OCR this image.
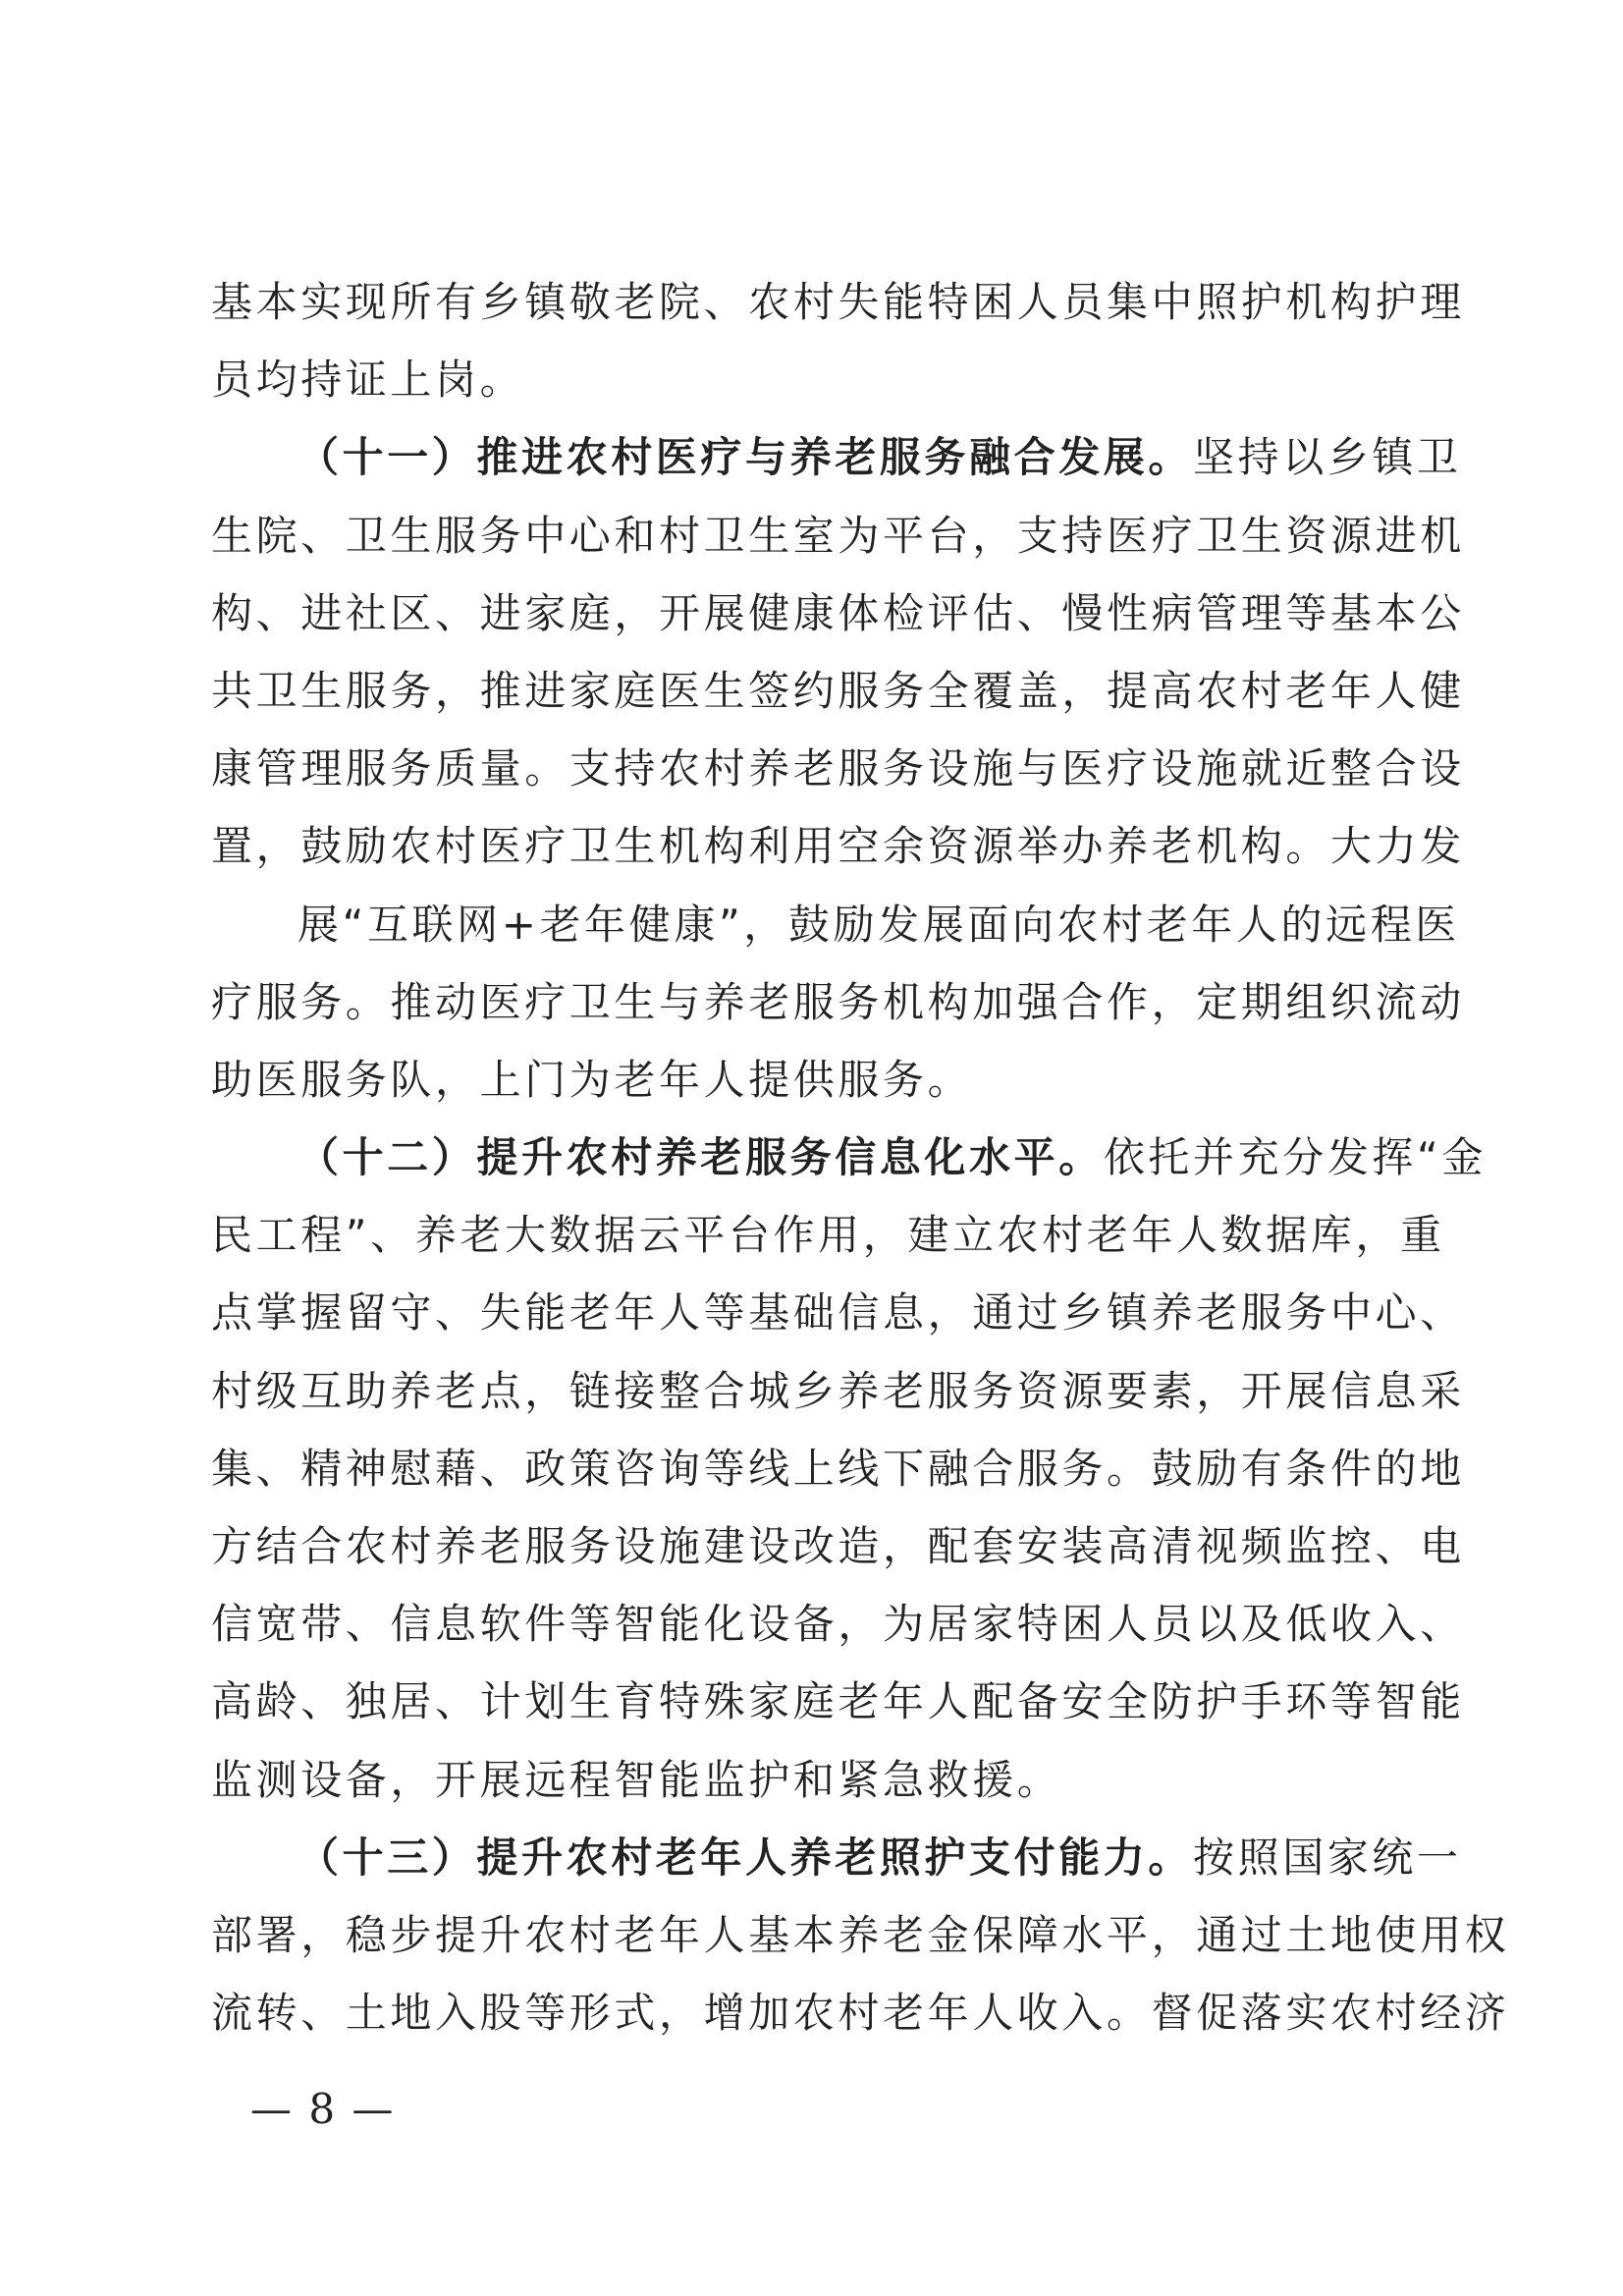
基本实现所有乡镇敬老院、农村失能特困人员集中照护机构护理
员均持证上岗。
（十一）推进农村医疗与养老服务融合发展。坚持以乡镇卫
生院、卫生服务中心和村卫生室为平台，支持医疗卫生资源进机
构、进社区、进家庭，开展健康体检评估、慢性病管理等基本公
共卫生服务，推进家庭医生签约服务全覆盖，提高农村老年人健
康管理服务质量。支持农村养老服务设施与医疗设施就近整合设
置，鼓励农村医疗卫生机构利用空余资源举办养老机构。大力发
展“互联网+老年健康”，鼓励发展面向农村老年人的远程医
疗服务。推动医疗卫生与养老服务机构加强合作，定期组织流动
助医服务队，上门为老年人提供服务。
（十二）提升农村养老服务信息化水平。依托并充分发挥“金
民工程”、养老大数据云平台作用，建立农村老年人数据库，重
点掌握留守、失能老年人等基础信息，通过乡镇养老服务中心、
村级互助养老点，链接整合城乡养老服务资源要素，开展信息采
集、精神慰藉、政策咨询等线上线下融合服务。鼓励有条件的地
方结合农村养老服务设施建设改造，配套安装高清视频监控、电
信宽带、信息软件等智能化设备，为居家特困人员以及低收入、
高龄、独居、计划生育特殊家庭老年人配备安全防护手环等智能
监测设备，开展远程智能监护和紧急救援。
（十三）提升农村老年人养老照护支付能力。按照国家统一
部署，稳步提升农村老年人基本养老金保障水平，通过土地使用权
流转、土地入股等形式，增加农村老年人收入。督促落实农村经济
— 8 —
